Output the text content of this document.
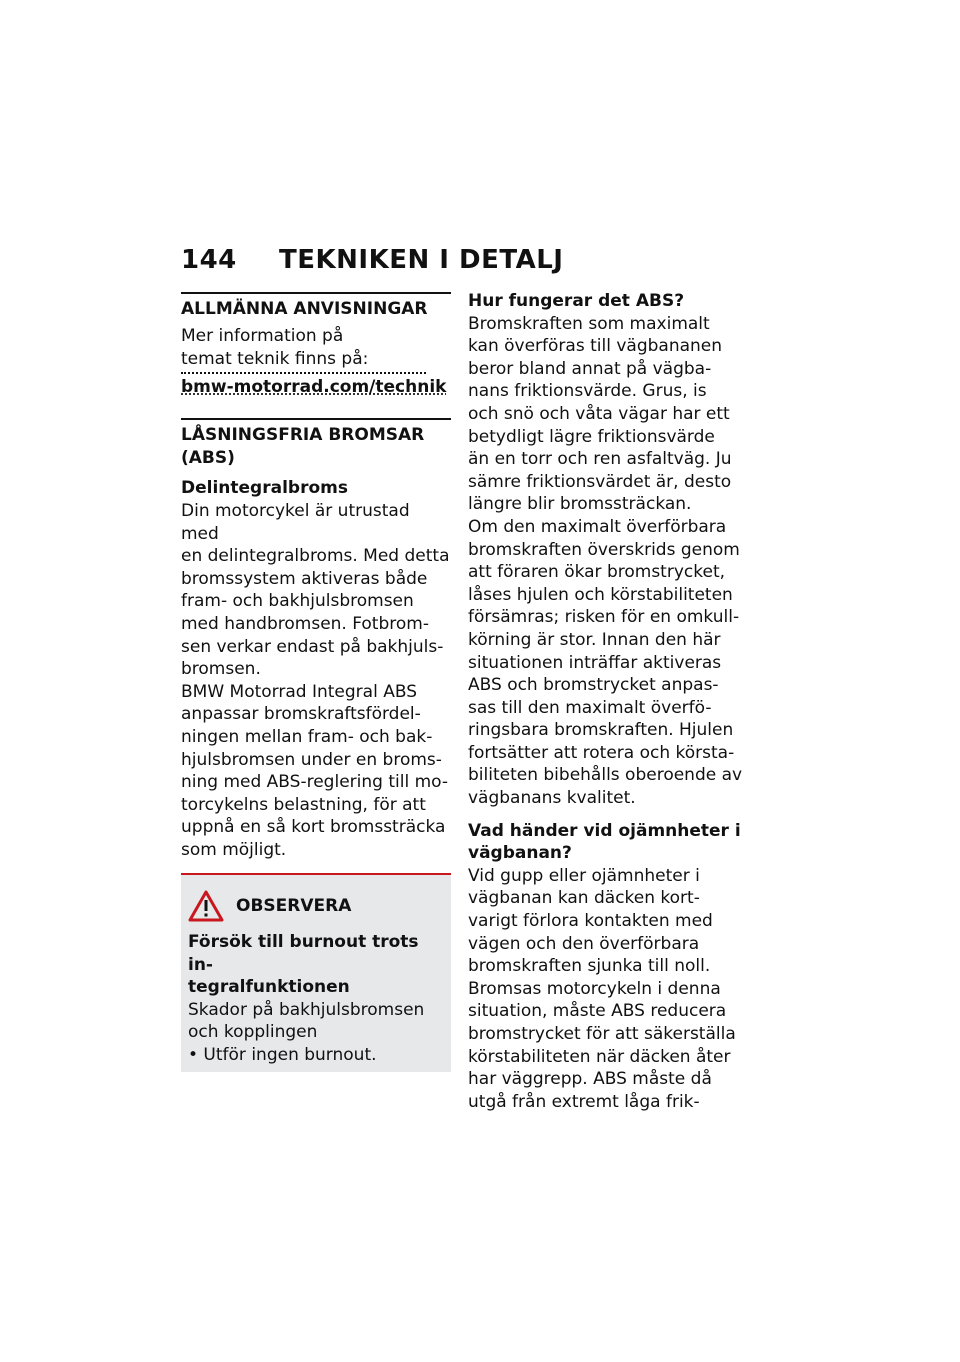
144 TEKNIKEN I DETALJ
ALLMÄNNA ANVISNINGAR

Mer information på
temat teknik finns på:

bmw-motorrad.com/technik
LÅSNINGSFRIA BROMSAR
(ABS)
Delintegralbroms

Din motorcykel är utrustad med
en delintegralbroms. Med detta
bromssystem aktiveras både
fram- och bakhjulsbromsen
med handbromsen. Fotbrom-
sen verkar endast på bakhjuls-
bromsen.

BMW Motorrad Integral ABS
anpassar bromskraftsfördel-
ningen mellan fram- och bak-
hjulsbromsen under en broms-
ning med ABS-reglering till mo-
torcykelns belastning, för att
uppnå en så kort bromssträcka
som möjligt.

OBSERVERA
Försök till burnout trots in-
tegralfunktionen

Skador på bakhjulsbromsen
och kopplingen

• Utför ingen burnout.

Hur fungerar det ABS?

Bromskraften som maximalt
kan överföras till vägbananen
beror bland annat på vägba-
nans friktionsvärde. Grus, is
och snö och våta vägar har ett
betydligt lägre friktionsvärde
än en torr och ren asfaltväg. Ju
sämre friktionsvärdet är, desto
längre blir bromssträckan.

Om den maximalt överförbara
bromskraften överskrids genom
att föraren ökar bromstrycket,
låses hjulen och körstabiliteten
försämras; risken för en omkull-
körning är stor. Innan den här
situationen inträffar aktiveras
ABS och bromstrycket anpas-
sas till den maximalt överfö-
ringsbara bromskraften. Hjulen
fortsätter att rotera och körsta-
biliteten bibehålls oberoende av
vägbanans kvalitet.

Vad händer vid ojämnheter i
vägbanan?

Vid gupp eller ojämnheter i
vägbanan kan däcken kort-
varigt förlora kontakten med
vägen och den överförbara
bromskraften sjunka till noll.
Bromsas motorcykeln i denna
situation, måste ABS reducera
bromstrycket för att säkerställa
körstabiliteten när däcken åter
har väggrepp. ABS måste då
utgå från extremt låga frik-
